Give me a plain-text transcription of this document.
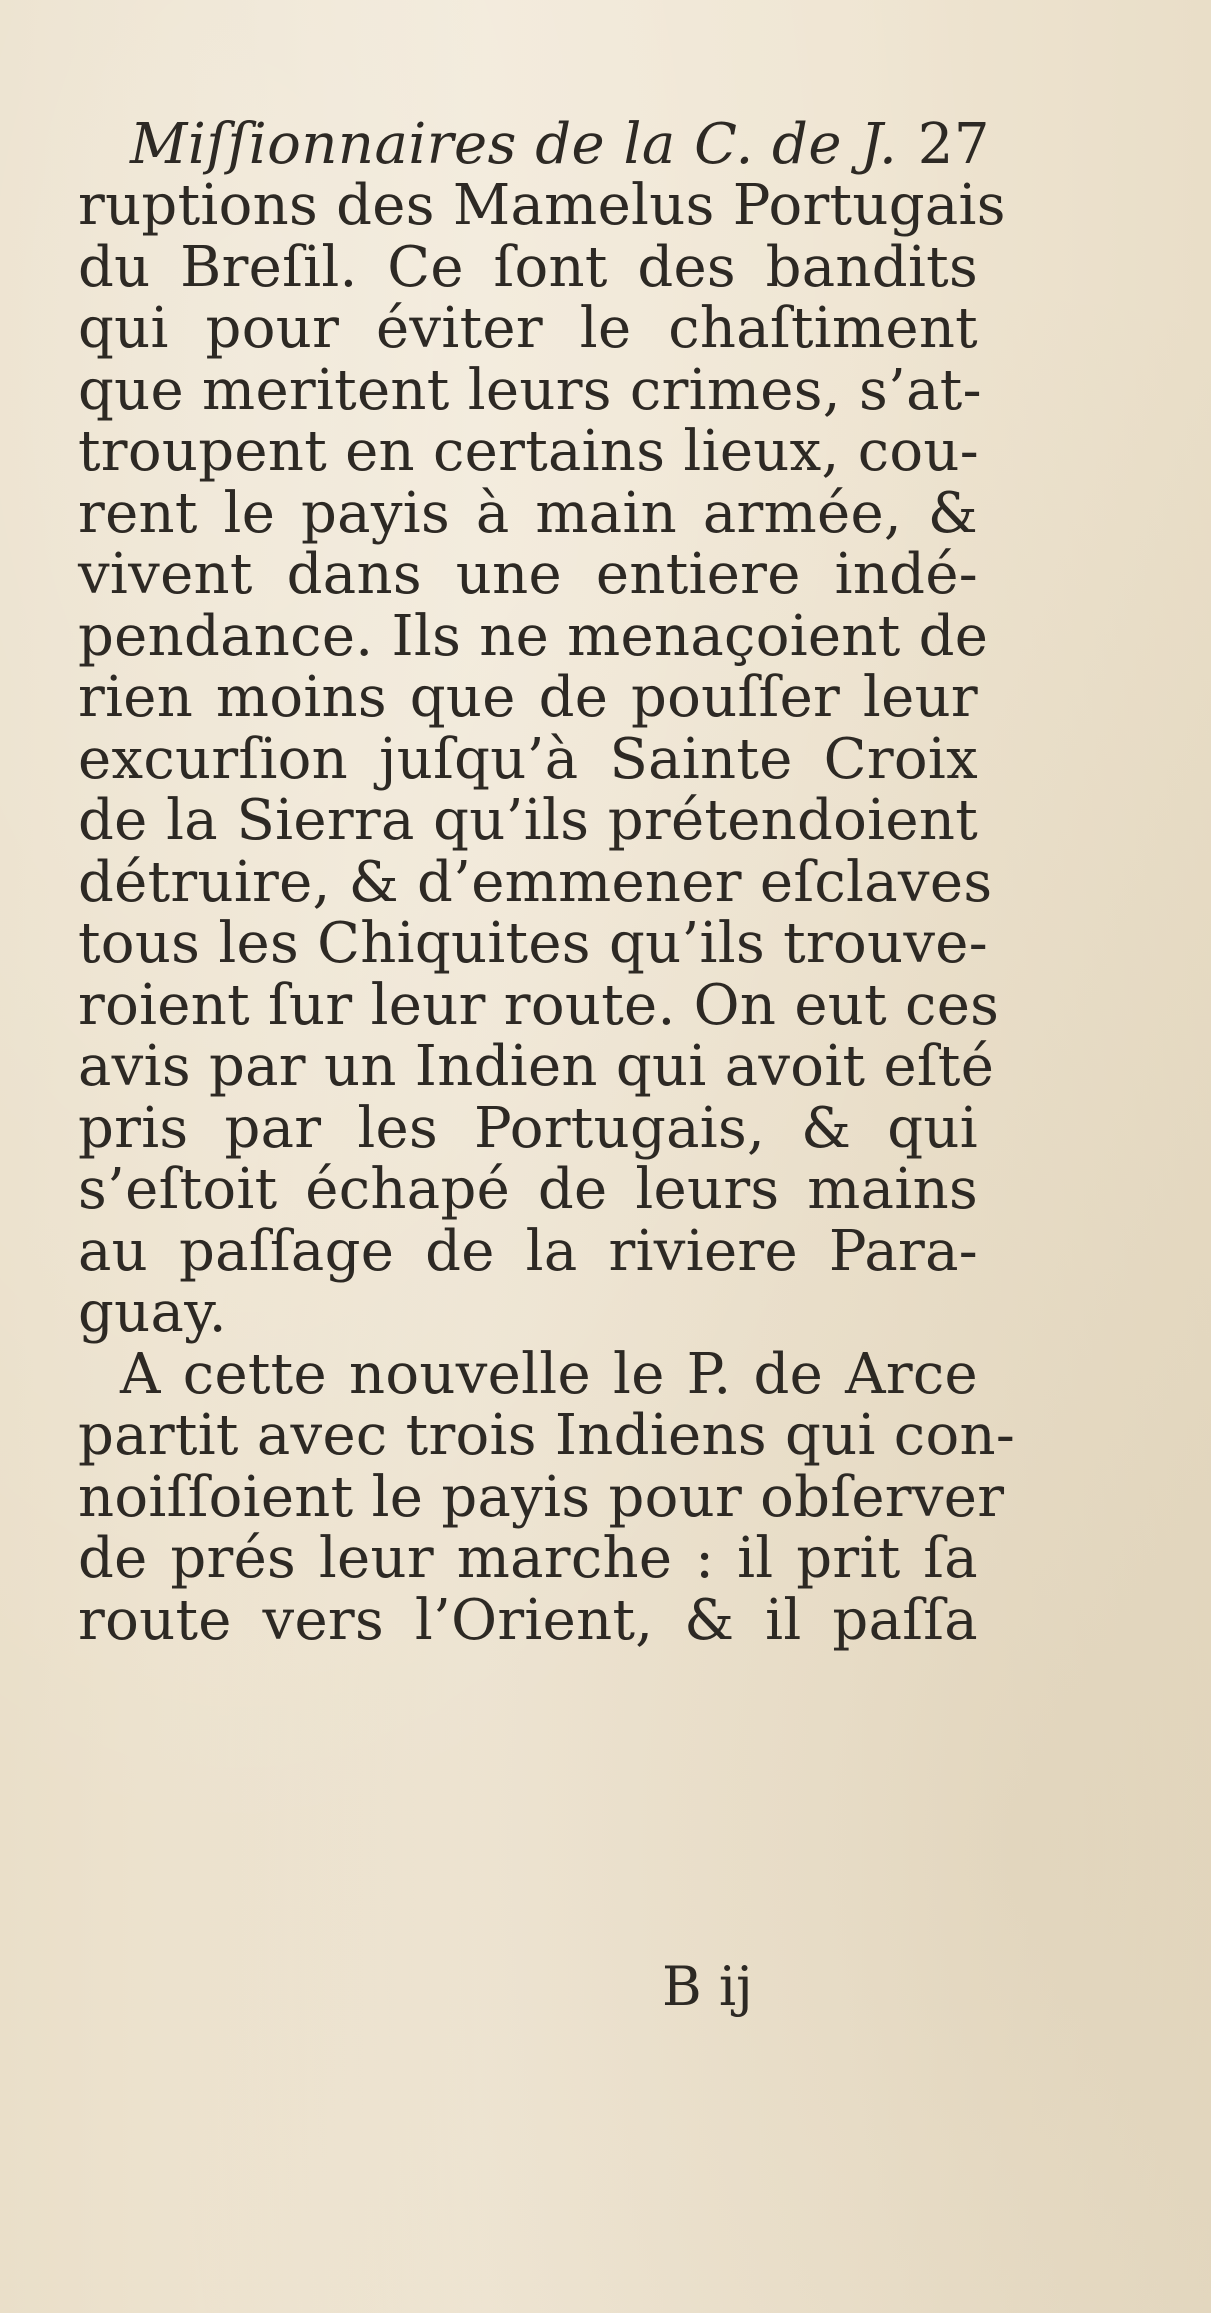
Miſſionnaires de la C. de J. 27
ruptions des Mamelus Portugais
du Breſil. Ce ſont des bandits
qui pour éviter le chaſtiment
que meritent leurs crimes, s’at-
troupent en certains lieux, cou-
rent le payis à main armée, &
vivent dans une entiere indé-
pendance. Ils ne menaçoient de
rien moins que de pouſſer leur
excurſion juſqu’à Sainte Croix
de la Sierra qu’ils prétendoient
détruire, & d’emmener eſclaves
tous les Chiquites qu’ils trouve-
roient ſur leur route. On eut ces
avis par un Indien qui avoit eſté
pris par les Portugais, & qui
s’eſtoit échapé de leurs mains
au paſſage de la riviere Para-
guay.
A cette nouvelle le P. de Arce
partit avec trois Indiens qui con-
noiſſoient le payis pour obſerver
de prés leur marche : il prit ſa
route vers l’Orient, & il paſſa
B ij
